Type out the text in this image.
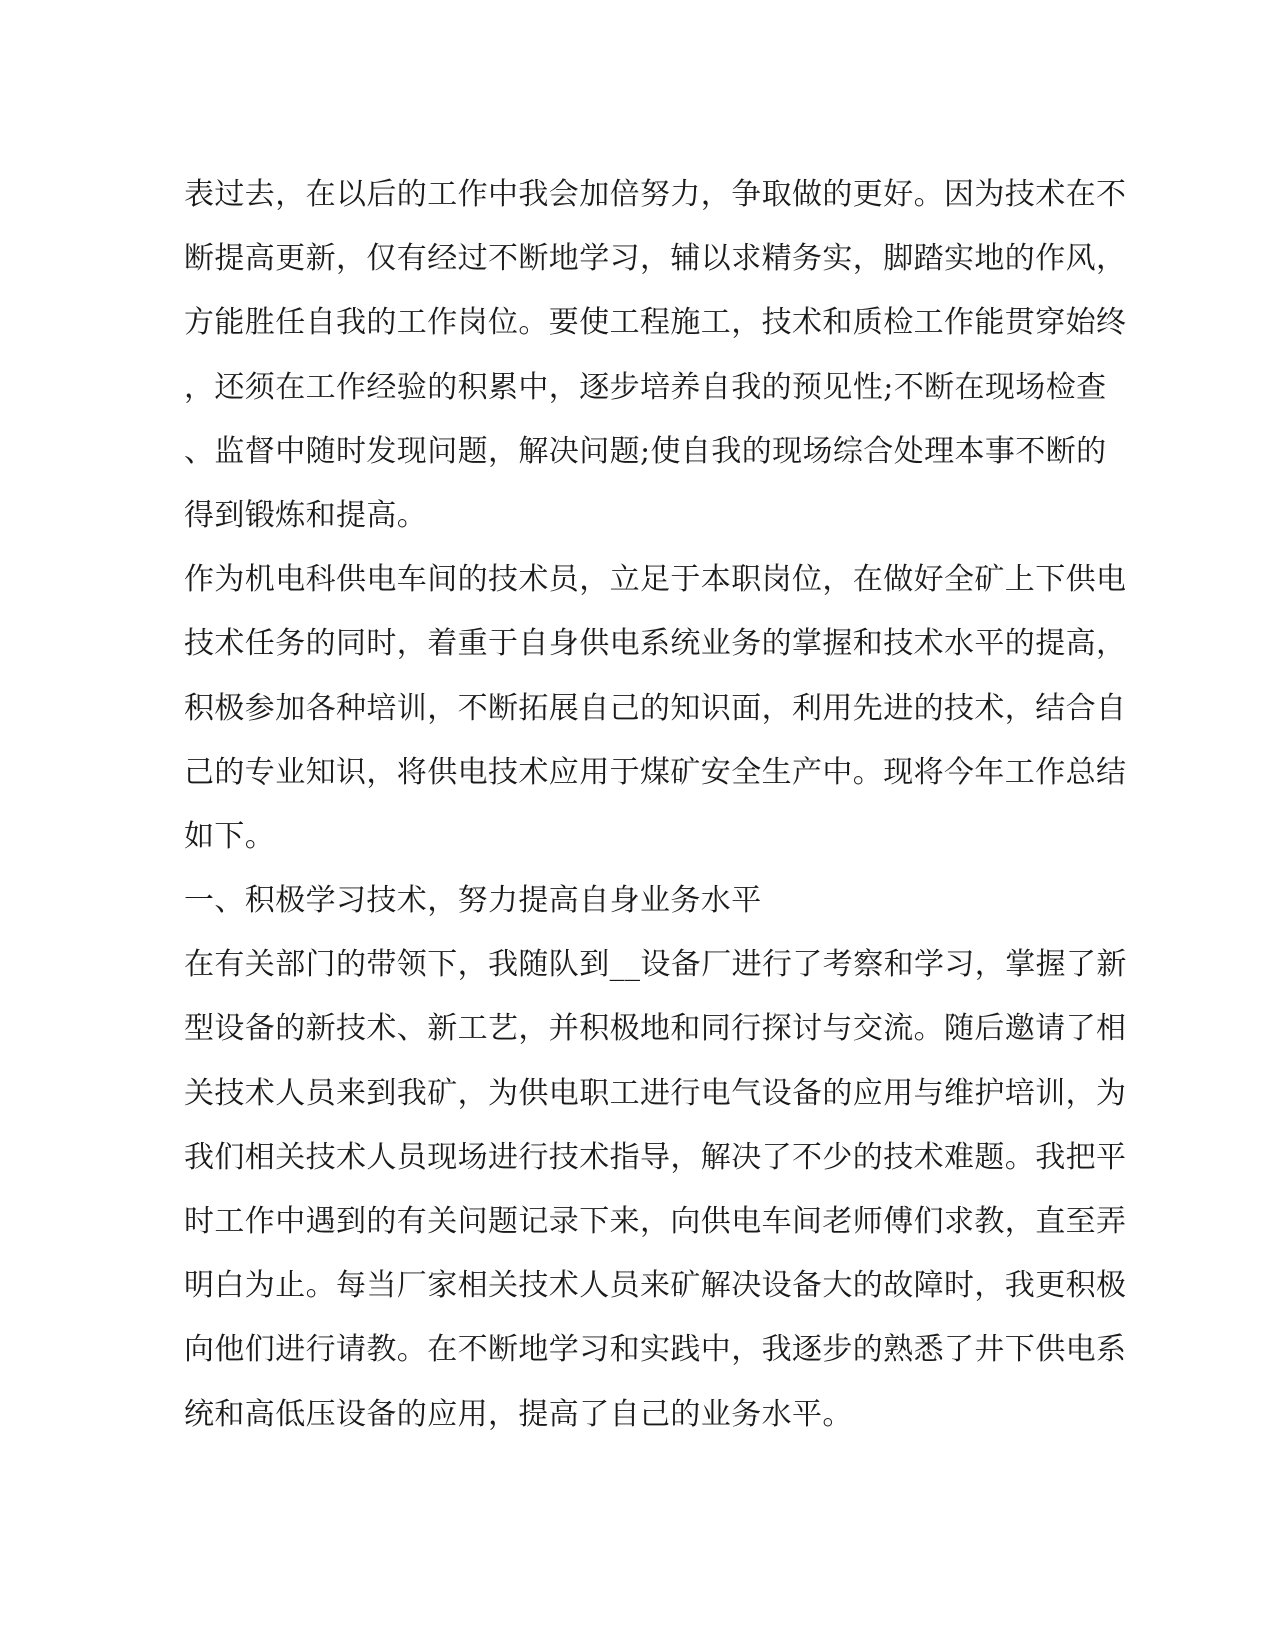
表过去，在以后的工作中我会加倍努力，争取做的更好。因为技术在不
断提高更新，仅有经过不断地学习，辅以求精务实，脚踏实地的作风，
方能胜任自我的工作岗位。要使工程施工，技术和质检工作能贯穿始终
，还须在工作经验的积累中，逐步培养自我的预见性;不断在现场检查
、监督中随时发现问题，解决问题;使自我的现场综合处理本事不断的
得到锻炼和提高。

作为机电科供电车间的技术员，立足于本职岗位，在做好全矿上下供电
技术任务的同时，着重于自身供电系统业务的掌握和技术水平的提高，
积极参加各种培训，不断拓展自己的知识面，利用先进的技术，结合自
己的专业知识，将供电技术应用于煤矿安全生产中。现将今年工作总结
如下。

一、积极学习技术，努力提高自身业务水平

在有关部门的带领下，我随队到__设备厂进行了考察和学习，掌握了新
型设备的新技术、新工艺，并积极地和同行探讨与交流。随后邀请了相
关技术人员来到我矿，为供电职工进行电气设备的应用与维护培训，为
我们相关技术人员现场进行技术指导，解决了不少的技术难题。我把平
时工作中遇到的有关问题记录下来，向供电车间老师傅们求教，直至弄
明白为止。每当厂家相关技术人员来矿解决设备大的故障时，我更积极
向他们进行请教。在不断地学习和实践中，我逐步的熟悉了井下供电系
统和高低压设备的应用，提高了自己的业务水平。
